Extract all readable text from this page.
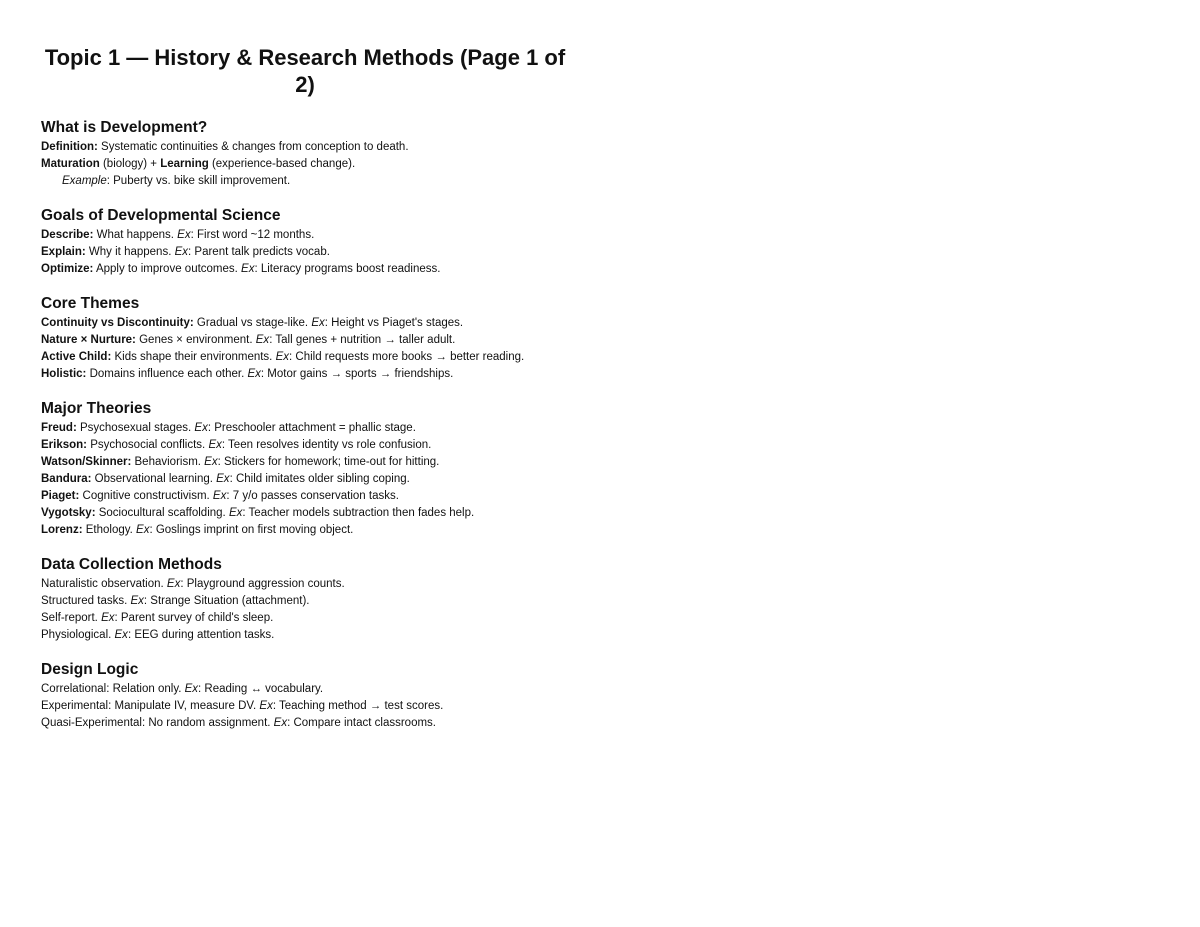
Topic 1 — History & Research Methods (Page 1 of 2)
What is Development?

Definition: Systematic continuities & changes from conception to death.

Maturation (biology) + Learning (experience-based change).

Example: Puberty vs. bike skill improvement.

Goals of Developmental Science

Describe: What happens. Ex: First word ~12 months.

Explain: Why it happens. Ex: Parent talk predicts vocab.

Optimize: Apply to improve outcomes. Ex: Literacy programs boost readiness.

Core Themes

Continuity vs Discontinuity: Gradual vs stage-like. Ex: Height vs Piaget's stages.

Nature × Nurture: Genes × environment. Ex: Tall genes + nutrition → taller adult.

Active Child: Kids shape their environments. Ex: Child requests more books → better reading.

Holistic: Domains influence each other. Ex: Motor gains → sports → friendships.

Major Theories

Freud: Psychosexual stages. Ex: Preschooler attachment = phallic stage.

Erikson: Psychosocial conflicts. Ex: Teen resolves identity vs role confusion.

Watson/Skinner: Behaviorism. Ex: Stickers for homework; time-out for hitting.

Bandura: Observational learning. Ex: Child imitates older sibling coping.

Piaget: Cognitive constructivism. Ex: 7 y/o passes conservation tasks.

Vygotsky: Sociocultural scaffolding. Ex: Teacher models subtraction then fades help.

Lorenz: Ethology. Ex: Goslings imprint on first moving object.

Data Collection Methods

Naturalistic observation. Ex: Playground aggression counts.

Structured tasks. Ex: Strange Situation (attachment).

Self-report. Ex: Parent survey of child's sleep.

Physiological. Ex: EEG during attention tasks.

Design Logic

Correlational: Relation only. Ex: Reading ↔ vocabulary.

Experimental: Manipulate IV, measure DV. Ex: Teaching method → test scores.

Quasi-Experimental: No random assignment. Ex: Compare intact classrooms.
